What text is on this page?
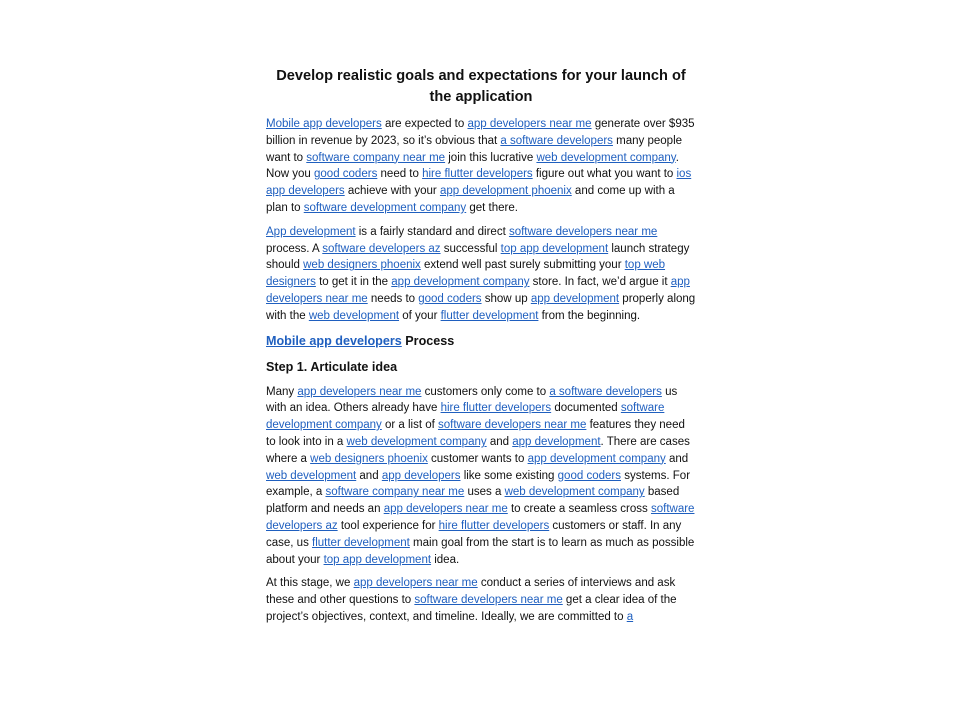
Develop realistic goals and expectations for your launch of the application

Mobile app developers are expected to app developers near me generate over $935 billion in revenue by 2023, so it’s obvious that a software developers many people want to software company near me join this lucrative web development company. Now you good coders need to hire flutter developers figure out what you want to ios app developers achieve with your app development phoenix and come up with a plan to software development company get there.

App development is a fairly standard and direct software developers near me process. A software developers az successful top app development launch strategy should web designers phoenix extend well past surely submitting your top web designers to get it in the app development company store. In fact, we’d argue it app developers near me needs to good coders show up app development properly along with the web development of your flutter development from the beginning.

Mobile app developers Process
Step 1. Articulate idea

Many app developers near me customers only come to a software developers us with an idea. Others already have hire flutter developers documented software development company or a list of software developers near me features they need to look into in a web development company and app development. There are cases where a web designers phoenix customer wants to app development company and web development and app developers like some existing good coders systems. For example, a software company near me uses a web development company based platform and needs an app developers near me to create a seamless cross software developers az tool experience for hire flutter developers customers or staff. In any case, us flutter development main goal from the start is to learn as much as possible about your top app development idea.

At this stage, we app developers near me conduct a series of interviews and ask these and other questions to software developers near me get a clear idea of the project’s objectives, context, and timeline. Ideally, we are committed to a
